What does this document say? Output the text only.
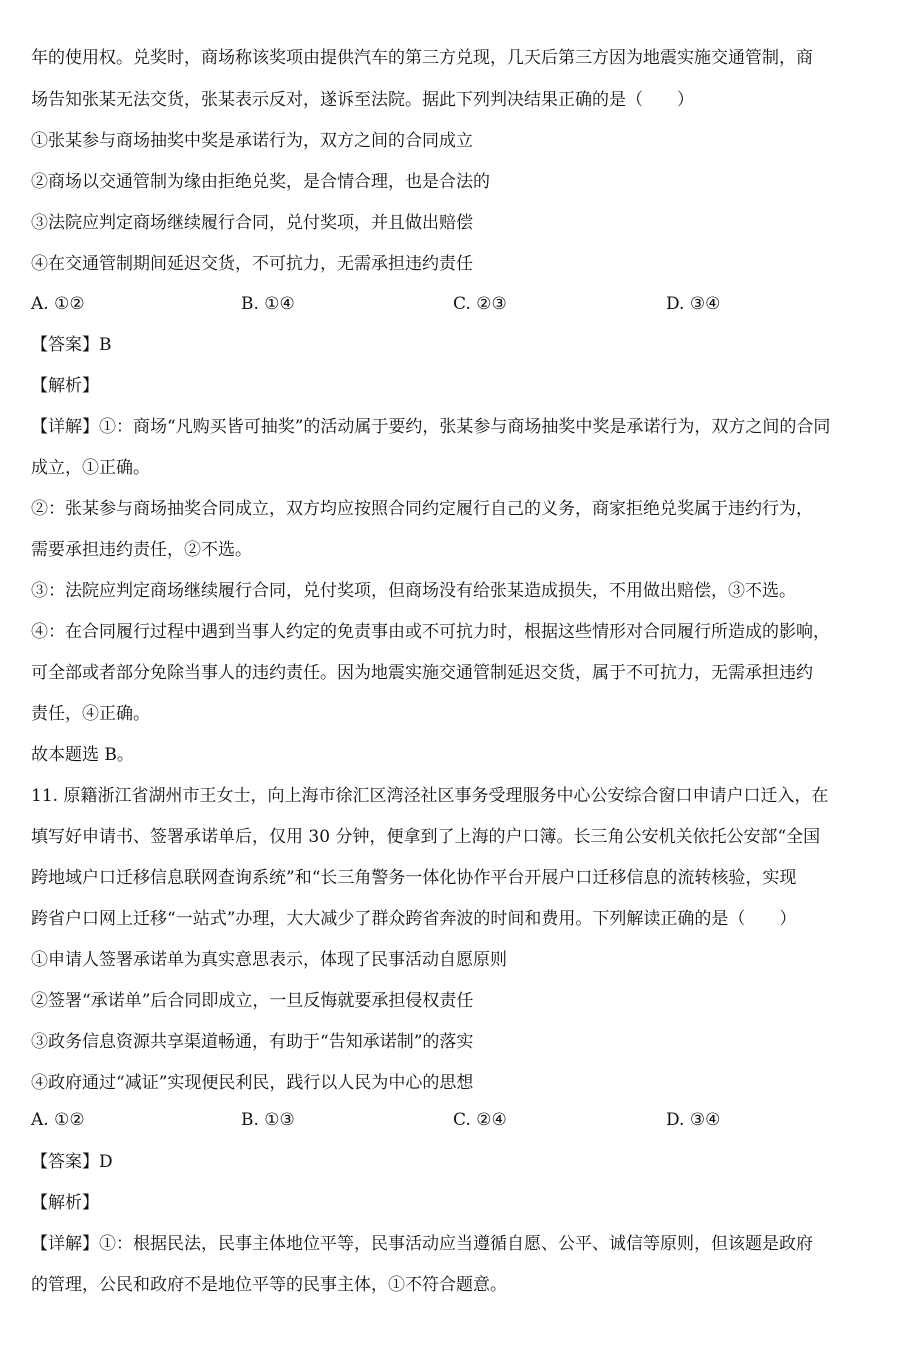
年的使用权。兑奖时，商场称该奖项由提供汽车的第三方兑现，几天后第三方因为地震实施交通管制，商
场告知张某无法交货，张某表示反对，遂诉至法院。据此下列判决结果正确的是（　　）
①张某参与商场抽奖中奖是承诺行为，双方之间的合同成立
②商场以交通管制为缘由拒绝兑奖，是合情合理，也是合法的
③法院应判定商场继续履行合同，兑付奖项，并且做出赔偿
④在交通管制期间延迟交货，不可抗力，无需承担违约责任
A. ①②	B. ①④	C. ②③	D. ③④
【答案】B
【解析】
【详解】①：商场“凡购买皆可抽奖”的活动属于要约，张某参与商场抽奖中奖是承诺行为，双方之间的合同
成立，①正确。
②：张某参与商场抽奖合同成立，双方均应按照合同约定履行自己的义务，商家拒绝兑奖属于违约行为，
需要承担违约责任，②不选。
③：法院应判定商场继续履行合同，兑付奖项，但商场没有给张某造成损失，不用做出赔偿，③不选。
④：在合同履行过程中遇到当事人约定的免责事由或不可抗力时，根据这些情形对合同履行所造成的影响，
可全部或者部分免除当事人的违约责任。因为地震实施交通管制延迟交货，属于不可抗力，无需承担违约
责任，④正确。
故本题选 B。
11. 原籍浙江省湖州市王女士，向上海市徐汇区湾泾社区事务受理服务中心公安综合窗口申请户口迁入，在
填写好申请书、签署承诺单后，仅用 30 分钟，便拿到了上海的户口簿。长三角公安机关依托公安部“全国
跨地域户口迁移信息联网查询系统”和“长三角警务一体化协作平台开展户口迁移信息的流转核验，实现
跨省户口网上迁移“一站式”办理，大大减少了群众跨省奔波的时间和费用。下列解读正确的是（　　）
①申请人签署承诺单为真实意思表示，体现了民事活动自愿原则
②签署“承诺单”后合同即成立，一旦反悔就要承担侵权责任
③政务信息资源共享渠道畅通，有助于“告知承诺制”的落实
④政府通过“减证”实现便民利民，践行以人民为中心的思想
A. ①②	B. ①③	C. ②④	D. ③④
【答案】D
【解析】
【详解】①：根据民法，民事主体地位平等，民事活动应当遵循自愿、公平、诚信等原则，但该题是政府
的管理，公民和政府不是地位平等的民事主体，①不符合题意。
